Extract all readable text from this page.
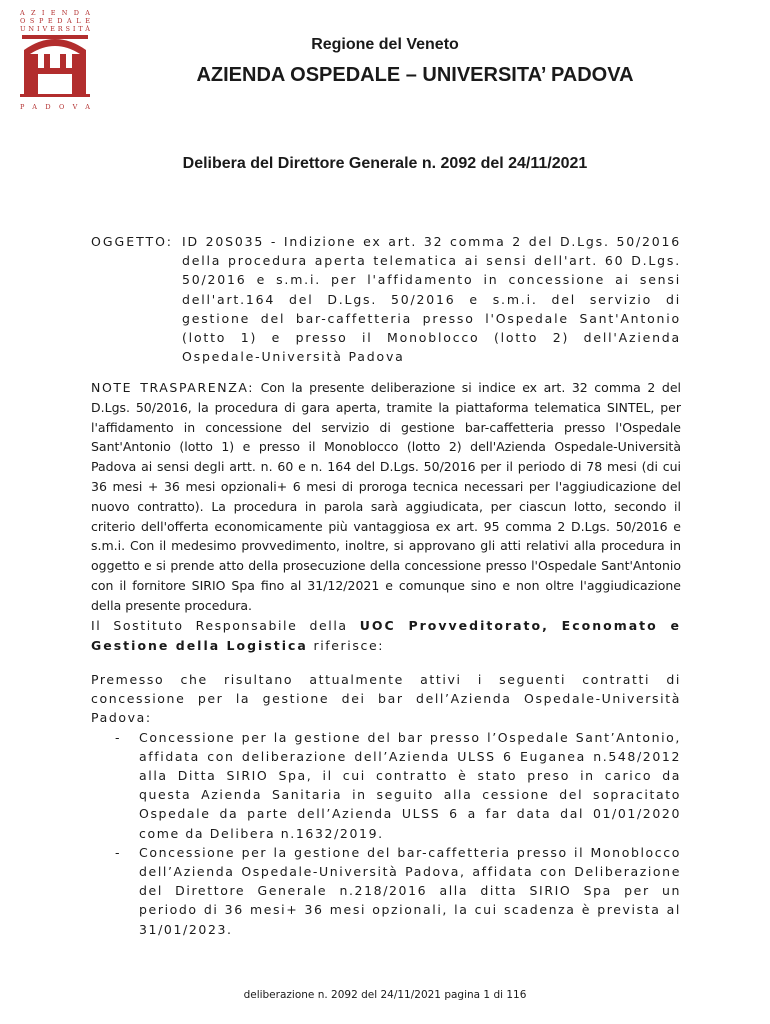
AZIENDA
OSPEDALE
UNIVERSITÀ
PADOVA
Regione del Veneto
AZIENDA OSPEDALE – UNIVERSITA’ PADOVA
Delibera del Direttore Generale n. 2092 del 24/11/2021
OGGETTO: ID 20S035 - Indizione ex art. 32 comma 2 del D.Lgs. 50/2016 della procedura aperta telematica ai sensi dell'art. 60 D.Lgs. 50/2016 e s.m.i. per l'affidamento in concessione ai sensi dell'art.164 del D.Lgs. 50/2016 e s.m.i. del servizio di gestione del bar-caffetteria presso l'Ospedale Sant'Antonio (lotto 1) e presso il Monoblocco (lotto 2) dell'Azienda Ospedale-Università Padova
NOTE TRASPARENZA: Con la presente deliberazione si indice ex art. 32 comma 2 del D.Lgs. 50/2016, la procedura di gara aperta, tramite la piattaforma telematica SINTEL, per l'affidamento in concessione del servizio di gestione bar-caffetteria presso l'Ospedale Sant'Antonio (lotto 1) e presso il Monoblocco (lotto 2) dell'Azienda Ospedale-Università Padova ai sensi degli artt. n. 60 e n. 164 del D.Lgs. 50/2016 per il periodo di 78 mesi (di cui 36 mesi + 36 mesi opzionali+ 6 mesi di proroga tecnica necessari per l'aggiudicazione del nuovo contratto). La procedura in parola sarà aggiudicata, per ciascun lotto, secondo il criterio dell'offerta economicamente più vantaggiosa ex art. 95 comma 2 D.Lgs. 50/2016 e s.m.i. Con il medesimo provvedimento, inoltre, si approvano gli atti relativi alla procedura in oggetto e si prende atto della prosecuzione della concessione presso l'Ospedale Sant'Antonio con il fornitore SIRIO Spa fino al 31/12/2021 e comunque sino e non oltre l'aggiudicazione della presente procedura.
Il Sostituto Responsabile della UOC Provveditorato, Economato e Gestione della Logistica riferisce:

Premesso che risultano attualmente attivi i seguenti contratti di concessione per la gestione dei bar dell’Azienda Ospedale-Università Padova:

- Concessione per la gestione del bar presso l’Ospedale Sant’Antonio, affidata con deliberazione dell’Azienda ULSS 6 Euganea n.548/2012 alla Ditta SIRIO Spa, il cui contratto è stato preso in carico da questa Azienda Sanitaria in seguito alla cessione del sopracitato Ospedale da parte dell’Azienda ULSS 6 a far data dal 01/01/2020 come da Delibera n.1632/2019.
- Concessione per la gestione del bar-caffetteria presso il Monoblocco dell’Azienda Ospedale-Università Padova, affidata con Deliberazione del Direttore Generale n.218/2016 alla ditta SIRIO Spa per un periodo di 36 mesi+ 36 mesi opzionali, la cui scadenza è prevista al 31/01/2023.
deliberazione n. 2092 del 24/11/2021 pagina 1 di 116
